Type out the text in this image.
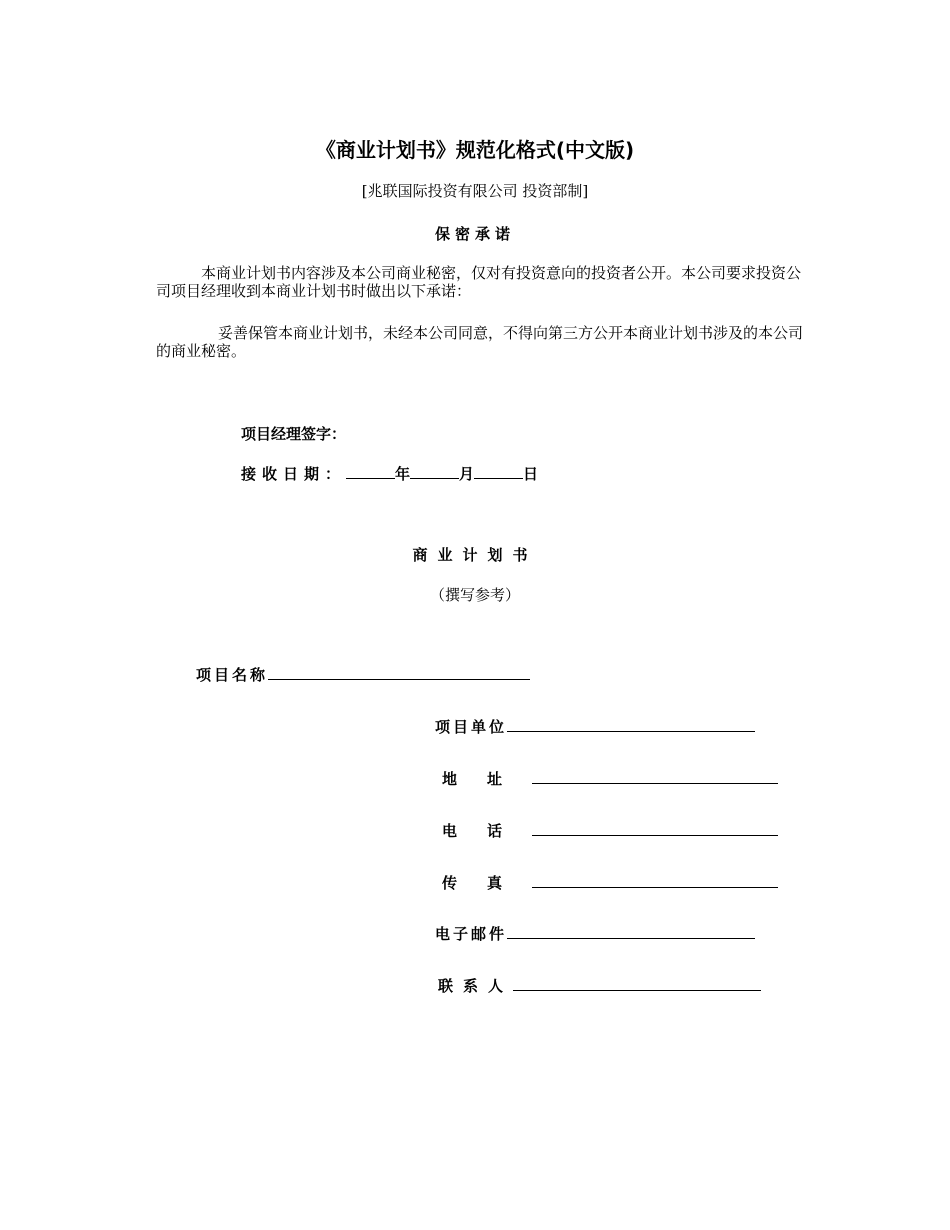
《商业计划书》规范化格式(中文版)
[兆联国际投资有限公司 投资部制]
保密承诺
本商业计划书内容涉及本公司商业秘密，仅对有投资意向的投资者公开。本公司要求投资公司项目经理收到本商业计划书时做出以下承诺：
妥善保管本商业计划书，未经本公司同意，不得向第三方公开本商业计划书涉及的本公司的商业秘密。
项目经理签字：
接收日期：	年	月	日
商业计划书
（撰写参考）
项目名称
项目单位
地址
电话
传真
电子邮件
联系人
